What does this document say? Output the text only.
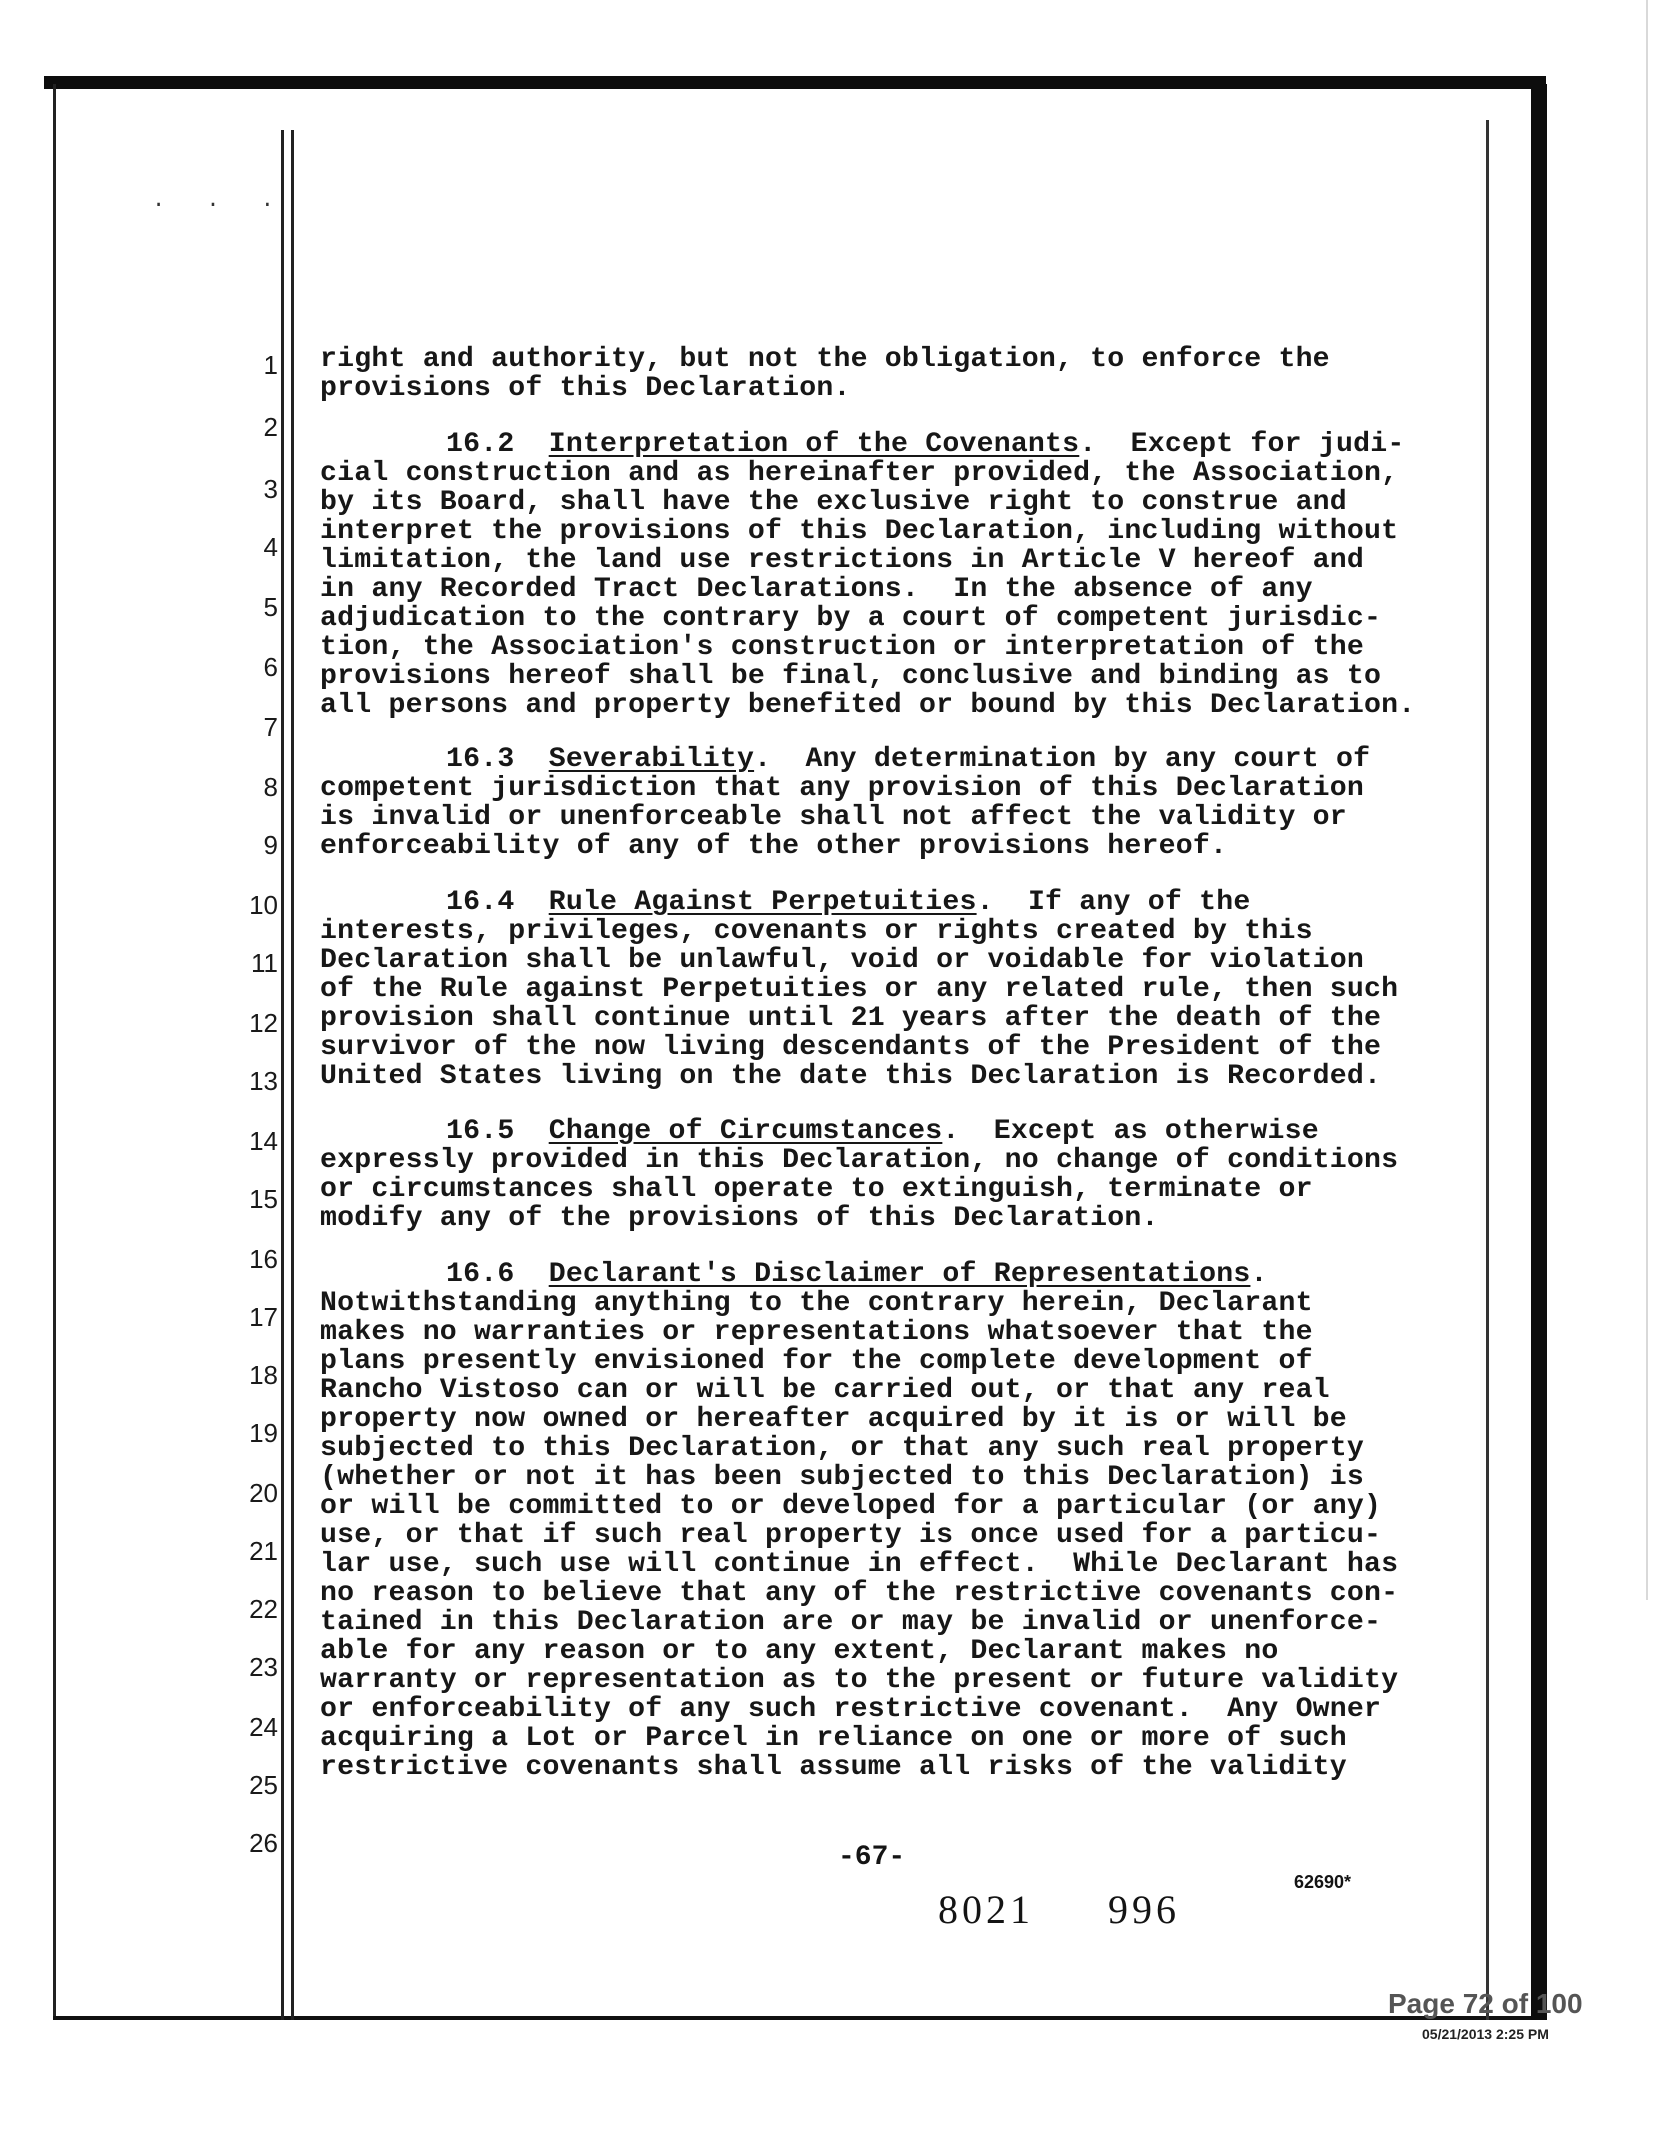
. . .
1
2
3
4
5
6
7
8
9
10
11
12
13
14
15
16
17
18
19
20
21
22
23
24
25
26
right and authority, but not the obligation, to enforce the
provisions of this Declaration.
16.2 Interpretation of the Covenants.  Except for judi-
cial construction and as hereinafter provided, the Association,
by its Board, shall have the exclusive right to construe and
interpret the provisions of this Declaration, including without
limitation, the land use restrictions in Article V hereof and
in any Recorded Tract Declarations.  In the absence of any
adjudication to the contrary by a court of competent jurisdic-
tion, the Association's construction or interpretation of the
provisions hereof shall be final, conclusive and binding as to
all persons and property benefited or bound by this Declaration.
16.3 Severability.  Any determination by any court of
competent jurisdiction that any provision of this Declaration
is invalid or unenforceable shall not affect the validity or
enforceability of any of the other provisions hereof.
16.4 Rule Against Perpetuities.  If any of the
interests, privileges, covenants or rights created by this
Declaration shall be unlawful, void or voidable for violation
of the Rule against Perpetuities or any related rule, then such
provision shall continue until 21 years after the death of the
survivor of the now living descendants of the President of the
United States living on the date this Declaration is Recorded.
16.5 Change of Circumstances.  Except as otherwise
expressly provided in this Declaration, no change of conditions
or circumstances shall operate to extinguish, terminate or
modify any of the provisions of this Declaration.
16.6 Declarant's Disclaimer of Representations.
Notwithstanding anything to the contrary herein, Declarant
makes no warranties or representations whatsoever that the
plans presently envisioned for the complete development of
Rancho Vistoso can or will be carried out, or that any real
property now owned or hereafter acquired by it is or will be
subjected to this Declaration, or that any such real property
(whether or not it has been subjected to this Declaration) is
or will be committed to or developed for a particular (or any)
use, or that if such real property is once used for a particu-
lar use, such use will continue in effect.  While Declarant has
no reason to believe that any of the restrictive covenants con-
tained in this Declaration are or may be invalid or unenforce-
able for any reason or to any extent, Declarant makes no
warranty or representation as to the present or future validity
or enforceability of any such restrictive covenant.  Any Owner
acquiring a Lot or Parcel in reliance on one or more of such
restrictive covenants shall assume all risks of the validity
-67-
8021 996
62690*
Page 72 of 100
05/21/2013 2:25 PM
